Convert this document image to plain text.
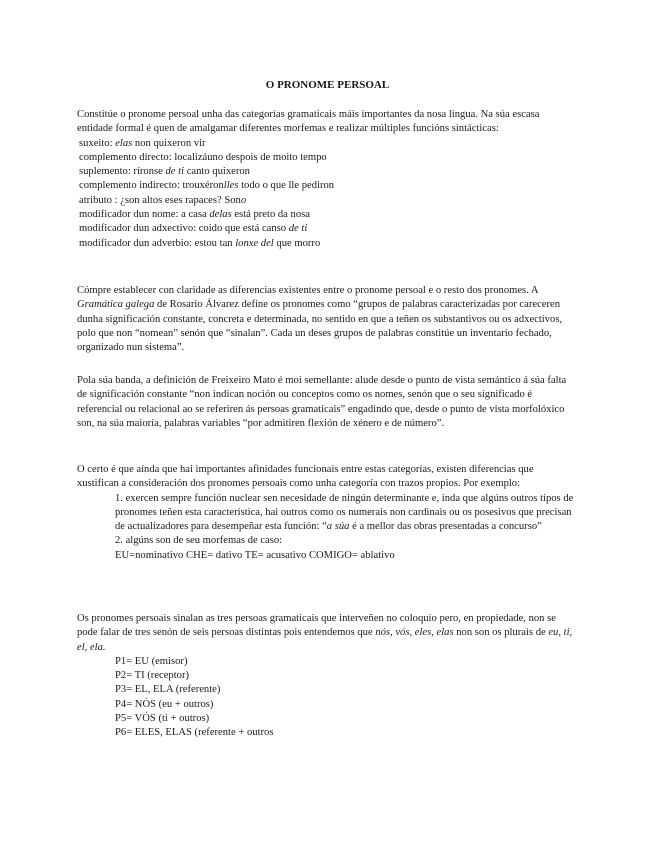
O PRONOME PERSOAL

Constitúe o pronome persoal unha das categorías gramaticais máis importantes da nosa lingua. Na súa escasa entidade formal é quen de amalgamar diferentes morfemas e realizar múltiples funcións sintácticas:

suxeito: elas non quixeron vir
complemento directo: localizáuno despois de moito tempo
suplemento: ríronse de ti canto quixeron
complemento indirecto: trouxéronlles todo o que lle pediron
atributo : ¿son altos eses rapaces? Sono
modificador dun nome: a casa delas está preto da nosa
modificador dun adxectivo: coido que está canso de ti
modificador dun adverbio: estou tan lonxe del que morro

Cómpre establecer con claridade as diferencias existentes entre o pronome persoal e o resto dos pronomes. A Gramática galega de Rosario Álvarez define os pronomes como “grupos de palabras caracterizadas por careceren dunha significación constante, concreta e determinada, no sentido en que a teñen os substantivos ou os adxectivos, polo que non “nomean” senón que “sinalan”. Cada un deses grupos de palabras constitúe un inventario fechado, organizado nun sistema”.

Pola súa banda, a definición de Freixeiro Mato é moi semellante: alude desde o punto de vista semántico á súa falta de significación constante “non indican noción ou conceptos como os nomes, senón que o seu significado é referencial ou relacional ao se referiren ás persoas gramaticais” engadindo que, desde o punto de vista morfolóxico son, na súa maioría, palabras variables “por admitiren flexión de xénero e de número”.

O certo é que aínda que hai importantes afinidades funcionais entre estas categorías, existen diferencias que xustifican a consideración dos pronomes persoais como unha categoría con trazos propios. Por exemplo:

1. exercen sempre función nuclear sen necesidade de ningún determinante e, inda que algúns outros tipos de pronomes teñen esta característica, hai outros como os numerais non cardinais ou os posesivos que precisan de actualizadores para desempeñar esta función: “a súa é a mellor das obras presentadas a concurso”
2. algúns son de seu morfemas de caso:
EU=nominativo CHE= dativo TE= acusativo COMIGO= ablativo

Os pronomes persoais sinalan as tres persoas gramaticais que interveñen no coloquio pero, en propiedade, non se pode falar de tres senón de seis persoas distintas pois entendemos que nós, vós, eles, elas non son os plurais de eu, ti, el, ela.

P1= EU (emisor)
P2= TI (receptor)
P3= EL, ELA (referente)
P4= NÓS (eu + outros)
P5= VÓS (ti + outros)
P6= ELES, ELAS (referente + outros
